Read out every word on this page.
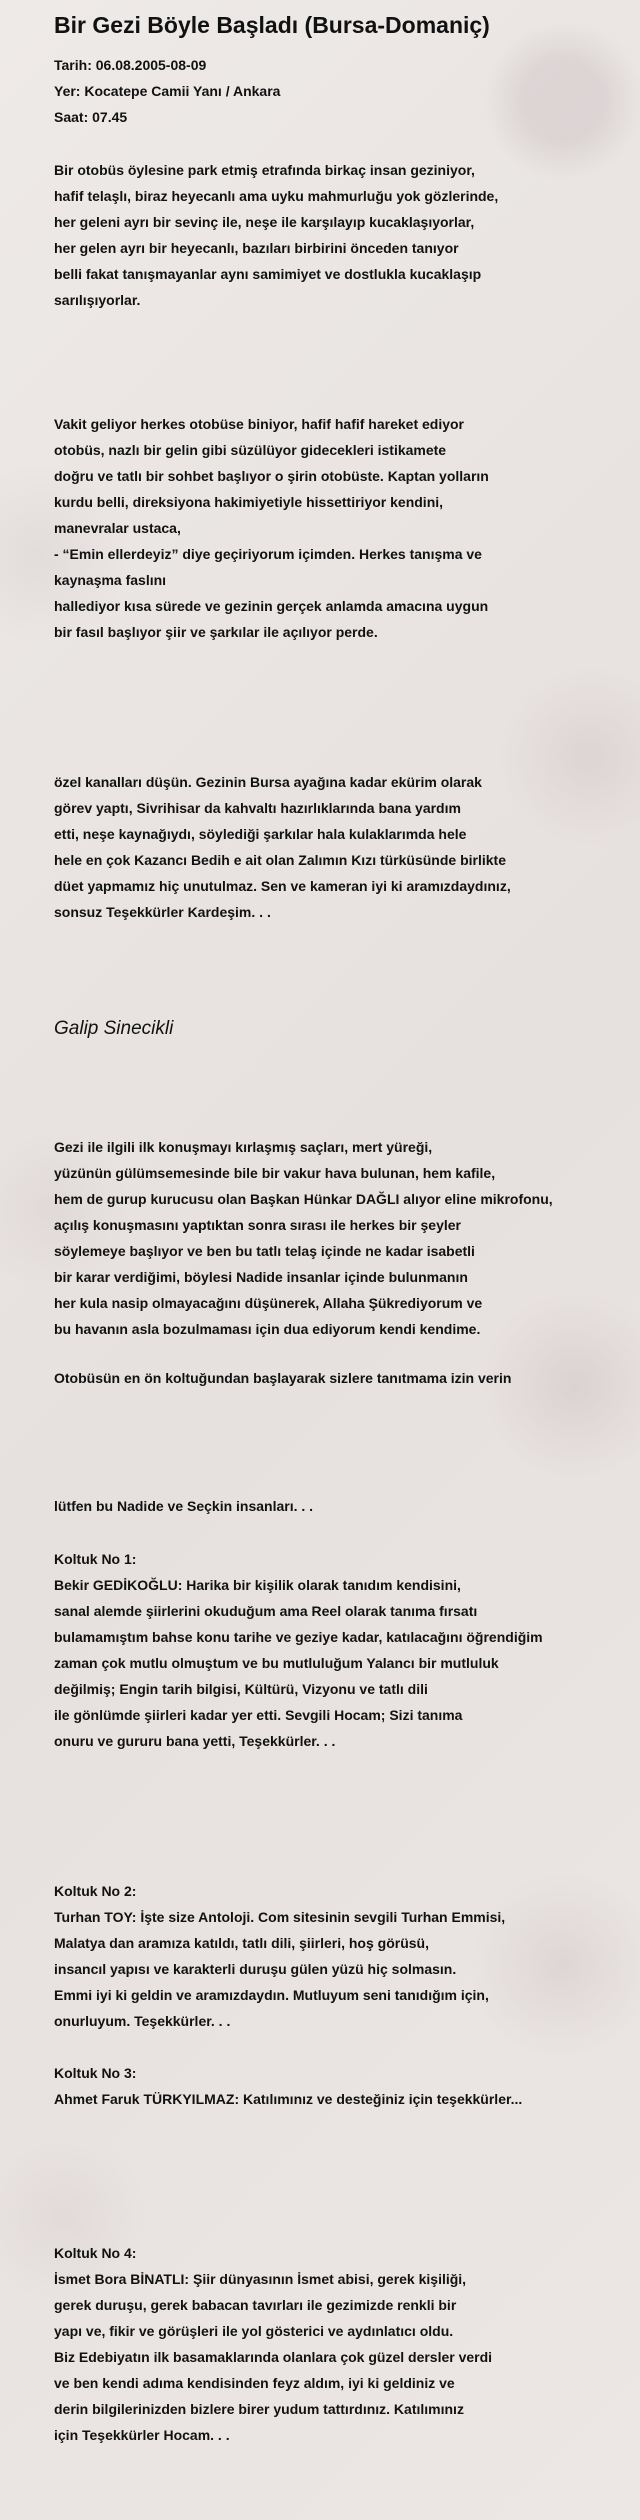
Bir Gezi Böyle Başladı (Bursa-Domaniç)
Tarih: 06.08.2005-08-09
Yer: Kocatepe Camii Yanı / Ankara
Saat: 07.45
Bir otobüs öylesine park etmiş etrafında birkaç insan geziniyor,
hafif telaşlı, biraz heyecanlı ama uyku mahmurluğu yok gözlerinde,
her geleni ayrı bir sevinç ile, neşe ile karşılayıp kucaklaşıyorlar,
her gelen ayrı bir heyecanlı, bazıları birbirini önceden tanıyor
belli fakat tanışmayanlar aynı samimiyet ve dostlukla kucaklaşıp
sarılışıyorlar.
Vakit geliyor herkes otobüse biniyor, hafif hafif hareket ediyor
otobüs, nazlı bir gelin gibi süzülüyor gidecekleri istikamete
doğru ve tatlı bir sohbet başlıyor o şirin otobüste. Kaptan yolların
kurdu belli, direksiyona hakimiyetiyle hissettiriyor kendini,
manevralar ustaca,
- “Emin ellerdeyiz” diye geçiriyorum içimden. Herkes tanışma ve
kaynaşma faslını
hallediyor kısa sürede ve gezinin gerçek anlamda amacına uygun
bir fasıl başlıyor şiir ve şarkılar ile açılıyor perde.
özel kanalları düşün. Gezinin Bursa ayağına kadar ekürim olarak
görev yaptı, Sivrihisar da kahvaltı hazırlıklarında bana yardım
etti, neşe kaynağıydı, söylediği şarkılar hala kulaklarımda hele
hele en çok Kazancı Bedih e ait olan Zalımın Kızı türküsünde birlikte
düet yapmamız hiç unutulmaz. Sen ve kameran iyi ki aramızdaydınız,
sonsuz Teşekkürler Kardeşim. . .
Galip Sinecikli
Gezi ile ilgili ilk konuşmayı kırlaşmış saçları, mert yüreği,
yüzünün gülümsemesinde bile bir vakur hava bulunan, hem kafile,
hem de gurup kurucusu olan Başkan Hünkar DAĞLI alıyor eline mikrofonu,
açılış konuşmasını yaptıktan sonra sırası ile herkes bir şeyler
söylemeye başlıyor ve ben bu tatlı telaş içinde ne kadar isabetli
bir karar verdiğimi, böylesi Nadide insanlar içinde bulunmanın
her kula nasip olmayacağını düşünerek, Allaha Şükrediyorum ve
bu havanın asla bozulmaması için dua ediyorum kendi kendime.
Otobüsün en ön koltuğundan başlayarak sizlere tanıtmama izin verin
lütfen bu Nadide ve Seçkin insanları. . .
Koltuk No 1:
Bekir GEDİKOĞLU: Harika bir kişilik olarak tanıdım kendisini,
sanal alemde şiirlerini okuduğum ama Reel olarak tanıma fırsatı
bulamamıştım bahse konu tarihe ve geziye kadar, katılacağını öğrendiğim
zaman çok mutlu olmuştum ve bu mutluluğum Yalancı bir mutluluk
değilmiş; Engin tarih bilgisi, Kültürü, Vizyonu ve tatlı dili
ile gönlümde şiirleri kadar yer etti. Sevgili Hocam; Sizi tanıma
onuru ve gururu bana yetti, Teşekkürler. . .
Koltuk No 2:
Turhan TOY: İşte size Antoloji. Com sitesinin sevgili Turhan Emmisi,
Malatya dan aramıza katıldı, tatlı dili, şiirleri, hoş görüsü,
insancıl yapısı ve karakterli duruşu gülen yüzü hiç solmasın.
Emmi iyi ki geldin ve aramızdaydın. Mutluyum seni tanıdığım için,
onurluyum. Teşekkürler. . .
Koltuk No 3:
Ahmet Faruk TÜRKYILMAZ: Katılımınız ve desteğiniz için teşekkürler...
Koltuk No 4:
İsmet Bora BİNATLI: Şiir dünyasının İsmet abisi, gerek kişiliği,
gerek duruşu, gerek babacan tavırları ile gezimizde renkli bir
yapı ve, fikir ve görüşleri ile yol gösterici ve aydınlatıcı oldu.
Biz Edebiyatın ilk basamaklarında olanlara çok güzel dersler verdi
ve ben kendi adıma kendisinden feyz aldım, iyi ki geldiniz ve
derin bilgilerinizden bizlere birer yudum tattırdınız. Katılımınız
için Teşekkürler Hocam. . .
